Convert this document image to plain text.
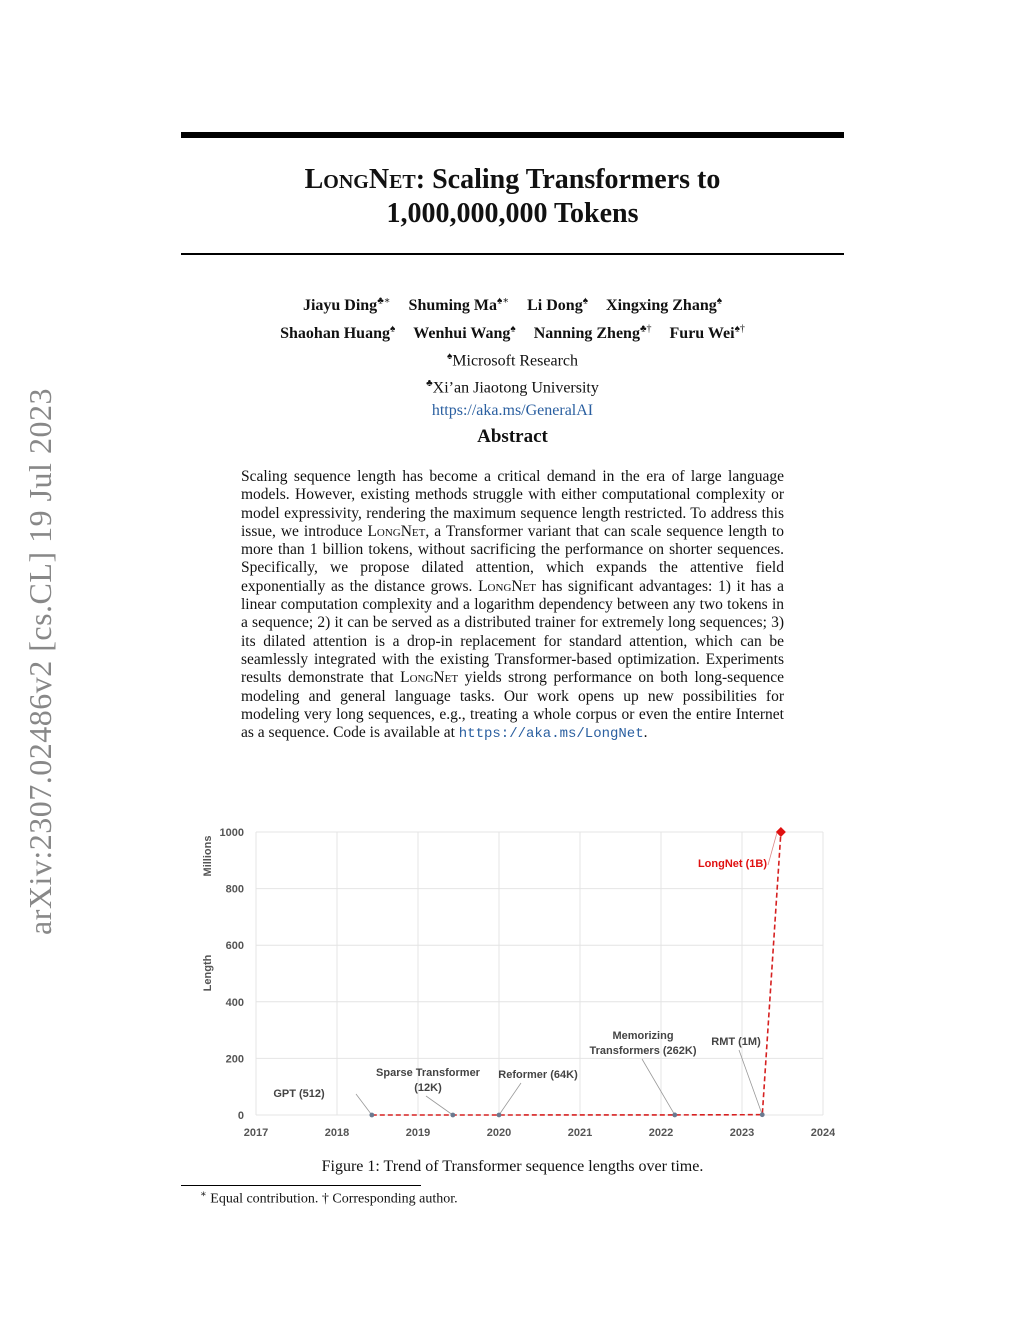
LongNet: Scaling Transformers to
1,000,000,000 Tokens
Jiayu Ding♣∗ Shuming Ma♠∗ Li Dong♠ Xingxing Zhang♠
Shaohan Huang♠ Wenhui Wang♠ Nanning Zheng♣† Furu Wei♠†
♠Microsoft Research
♣Xi’an Jiaotong University
https://aka.ms/GeneralAI
Abstract
Scaling sequence length has become a critical demand in the era of large language models. However, existing methods struggle with either computational complexity or model expressivity, rendering the maximum sequence length restricted. To address this issue, we introduce LongNet, a Transformer variant that can scale sequence length to more than 1 billion tokens, without sacrificing the performance on shorter sequences. Specifically, we propose dilated attention, which expands the attentive field exponentially as the distance grows. LongNet has significant advantages: 1) it has a linear computation complexity and a logarithm dependency between any two tokens in a sequence; 2) it can be served as a distributed trainer for extremely long sequences; 3) its dilated attention is a drop-in replacement for standard attention, which can be seamlessly integrated with the existing Transformer-based optimization. Experiments results demonstrate that LongNet yields strong performance on both long-sequence modeling and general language tasks. Our work opens up new possibilities for modeling very long sequences, e.g., treating a whole corpus or even the entire Internet as a sequence. Code is available at https://aka.ms/LongNet.
arXiv:2307.02486v2 [cs.CL] 19 Jul 2023
2017	2018	2019	2020	2021	2022	2023	2024
0
200
400
600
800
1000
Millions
Length
GPT (512)
Sparse Transformer (12K)
Reformer (64K)
Memorizing Transformers (262K)
RMT (1M)
LongNet (1B)
Figure 1: Trend of Transformer sequence lengths over time.
∗ Equal contribution. † Corresponding author.
